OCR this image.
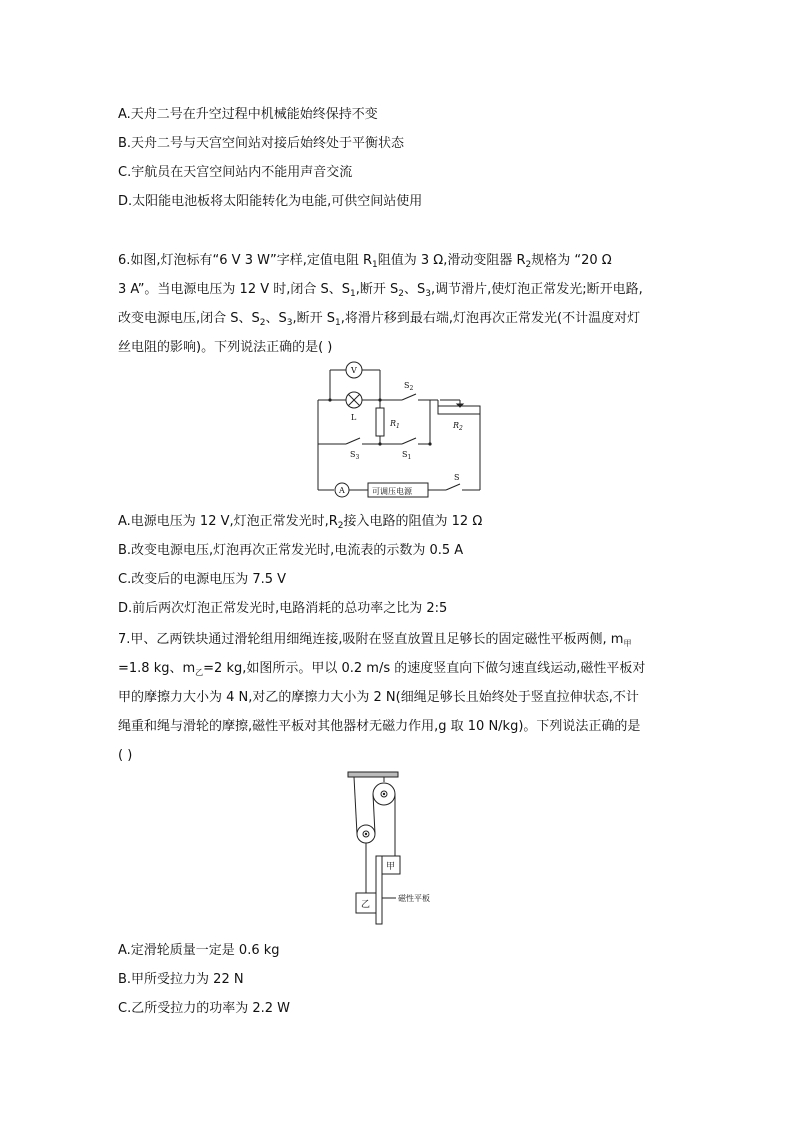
A.天舟二号在升空过程中机械能始终保持不变
B.天舟二号与天宫空间站对接后始终处于平衡状态
C.宇航员在天宫空间站内不能用声音交流
D.太阳能电池板将太阳能转化为电能,可供空间站使用
6.如图,灯泡标有“6 V 3 W”字样,定值电阻 $R_1$阻值为 3 Ω,滑动变阻器 $R_2$规格为 “20 Ω
3 A”。当电源电压为 12 V 时,闭合 S、$S_1$,断开 $S_2$、$S_3$,调节滑片,使灯泡正常发光;断开电路,
改变电源电压,闭合 S、$S_2$、$S_3$,断开 $S_1$,将滑片移到最右端,灯泡再次正常发光(不计温度对灯
丝电阻的影响)。下列说法正确的是( )
V
L
$R_1$	$R_2$
$S_2$
$S_3$	$S_1$
A	可调压电源
S
A.电源电压为 12 V,灯泡正常发光时$,R_2$接入电路的阻值为 12 Ω
B.改变电源电压,灯泡再次正常发光时,电流表的示数为 0.5 A
C.改变后的电源电压为 7.5 V
D.前后两次灯泡正常发光时,电路消耗的总功率之比为 2:5
7.甲、乙两铁块通过滑轮组用细绳连接,吸附在竖直放置且足够长的固定磁性平板两侧, $m_甲$
=1.8 kg、$m_乙=2$ kg,如图所示。甲以 0.2 m/s 的速度竖直向下做匀速直线运动,磁性平板对
甲的摩擦力大小为 4 N,对乙的摩擦力大小为 2 N(细绳足够长且始终处于竖直拉伸状态,不计
绳重和绳与滑轮的摩擦,磁性平板对其他器材无磁力作用,g 取 10 N/kg)。下列说法正确的是
( )
甲
乙
磁性平板
A.定滑轮质量一定是 0.6 kg
B.甲所受拉力为 22 N
C.乙所受拉力的功率为 2.2 W
